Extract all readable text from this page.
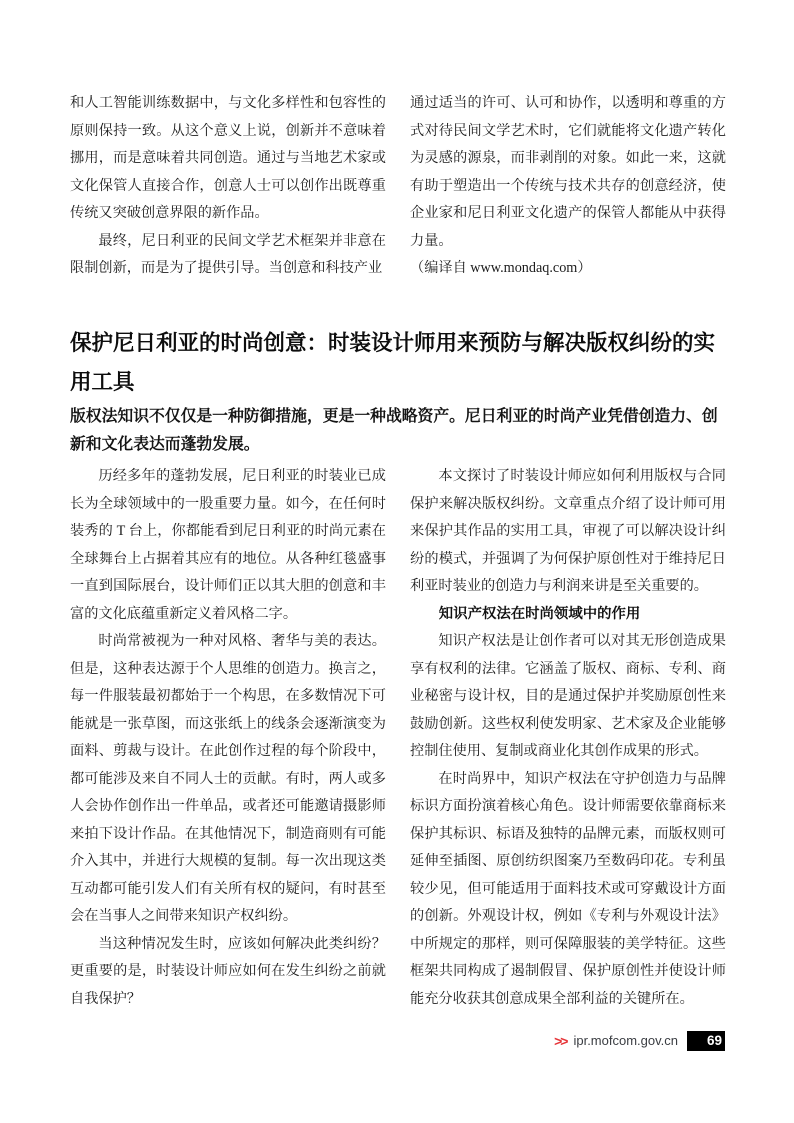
和人工智能训练数据中，与文化多样性和包容性的原则保持一致。从这个意义上说，创新并不意味着挪用，而是意味着共同创造。通过与当地艺术家或文化保管人直接合作，创意人士可以创作出既尊重传统又突破创意界限的新作品。

最终，尼日利亚的民间文学艺术框架并非意在限制创新，而是为了提供引导。当创意和科技产业

通过适当的许可、认可和协作，以透明和尊重的方式对待民间文学艺术时，它们就能将文化遗产转化为灵感的源泉，而非剥削的对象。如此一来，这就有助于塑造出一个传统与技术共存的创意经济，使企业家和尼日利亚文化遗产的保管人都能从中获得力量。

（编译自 www.mondaq.com）

保护尼日利亚的时尚创意：时装设计师用来预防与解决版权纠纷的实用工具
版权法知识不仅仅是一种防御措施，更是一种战略资产。尼日利亚的时尚产业凭借创造力、创新和文化表达而蓬勃发展。

历经多年的蓬勃发展，尼日利亚的时装业已成长为全球领域中的一股重要力量。如今，在任何时装秀的 T 台上，你都能看到尼日利亚的时尚元素在全球舞台上占据着其应有的地位。从各种红毯盛事一直到国际展台，设计师们正以其大胆的创意和丰富的文化底蕴重新定义着风格二字。

时尚常被视为一种对风格、奢华与美的表达。但是，这种表达源于个人思维的创造力。换言之，每一件服装最初都始于一个构思，在多数情况下可能就是一张草图，而这张纸上的线条会逐渐演变为面料、剪裁与设计。在此创作过程的每个阶段中，都可能涉及来自不同人士的贡献。有时，两人或多人会协作创作出一件单品，或者还可能邀请摄影师来拍下设计作品。在其他情况下，制造商则有可能介入其中，并进行大规模的复制。每一次出现这类互动都可能引发人们有关所有权的疑问，有时甚至会在当事人之间带来知识产权纠纷。

当这种情况发生时，应该如何解决此类纠纷？更重要的是，时装设计师应如何在发生纠纷之前就自我保护？

本文探讨了时装设计师应如何利用版权与合同保护来解决版权纠纷。文章重点介绍了设计师可用来保护其作品的实用工具，审视了可以解决设计纠纷的模式，并强调了为何保护原创性对于维持尼日利亚时装业的创造力与利润来讲是至关重要的。

知识产权法在时尚领域中的作用

知识产权法是让创作者可以对其无形创造成果享有权利的法律。它涵盖了版权、商标、专利、商业秘密与设计权，目的是通过保护并奖励原创性来鼓励创新。这些权利使发明家、艺术家及企业能够控制住使用、复制或商业化其创作成果的形式。

在时尚界中，知识产权法在守护创造力与品牌标识方面扮演着核心角色。设计师需要依靠商标来保护其标识、标语及独特的品牌元素，而版权则可延伸至插图、原创纺织图案乃至数码印花。专利虽较少见，但可能适用于面料技术或可穿戴设计方面的创新。外观设计权，例如《专利与外观设计法》中所规定的那样，则可保障服装的美学特征。这些框架共同构成了遏制假冒、保护原创性并使设计师能充分收获其创意成果全部利益的关键所在。

>> ipr.mofcom.gov.cn 69
